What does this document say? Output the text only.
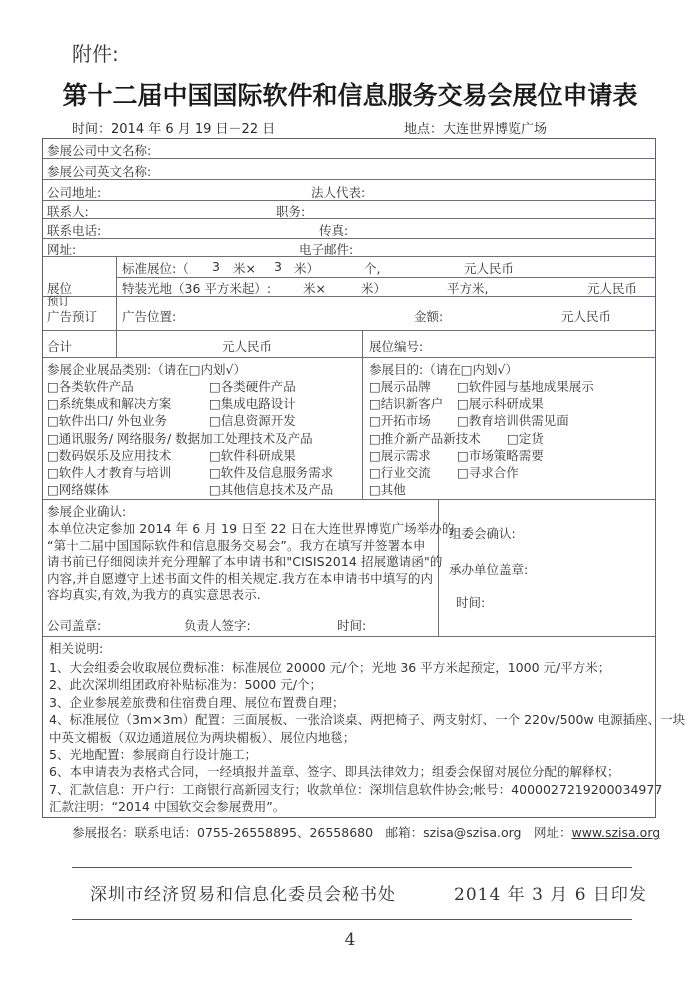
附件:
第十二届中国国际软件和信息服务交易会展位申请表
时间：2014 年 6 月 19 日－22 日	地点：大连世界博览广场
参展公司中文名称:
参展公司英文名称:
公司地址:	法人代表:
联系人:	职务:
联系电话:	传真:
网址:	电子邮件:
展位
标准展位:（ 3 米× 3 米）	个,	元人民币
特装光地（36 平方米起）:	米×	米）	平方米,	元人民币
预订
广告预订 广告位置:	金额:	元人民币
合计	元人民币	展位编号:
参展企业展品类别:（请在□内划√）
□各类软件产品	□各类硬件产品
□系统集成和解决方案	□集成电路设计
□软件出口/ 外包业务	□信息资源开发
□通讯服务/ 网络服务/ 数据加工处理技术及产品
□数码娱乐及应用技术	□软件科研成果
□软件人才教育与培训	□软件及信息服务需求
□网络媒体	□其他信息技术及产品
参展目的:（请在□内划√）
□展示品牌 □软件园与基地成果展示
□结识新客户 □展示科研成果
□开拓市场 □教育培训供需见面
□推介新产品新技术 □定货
□展示需求 □市场策略需要
□行业交流 □寻求合作
□其他
参展企业确认:
本单位决定参加 2014 年 6 月 19 日至 22 日在大连世界博览广场举办的
“第十二届中国国际软件和信息服务交易会”。我方在填写并签署本申
请书前已仔细阅读并充分理解了本申请书和"CISIS2014 招展邀请函"的
内容,并自愿遵守上述书面文件的相关规定.我方在本申请书中填写的内
容均真实,有效,为我方的真实意思表示.
公司盖章:	负责人签字:	时间:
组委会确认:
承办单位盖章:
时间:
相关说明:
1、大会组委会收取展位费标准：标准展位 20000 元/个；光地 36 平方米起预定，1000 元/平方米；
2、此次深圳组团政府补贴标准为：5000 元/个；
3、企业参展差旅费和住宿费自理、展位布置费自理；
4、标准展位（3m×3m）配置：三面展板、一张洽谈桌、两把椅子、两支射灯、一个 220v/500w 电源插座、一块
中英文楣板（双边通道展位为两块楣板）、展位内地毯；
5、光地配置：参展商自行设计施工；
6、本申请表为表格式合同，一经填报并盖章、签字、即具法律效力；组委会保留对展位分配的解释权；
7、汇款信息：开户行：工商银行高新园支行；收款单位：深圳信息软件协会;帐号：4000027219200034977
汇款注明：“2014 中国软交会参展费用”。
参展报名：联系电话：0755-26558895、26558680　邮箱：szisa@szisa.org　网址：www.szisa.org
深圳市经济贸易和信息化委员会秘书处	2014 年 3 月 6 日印发
4
